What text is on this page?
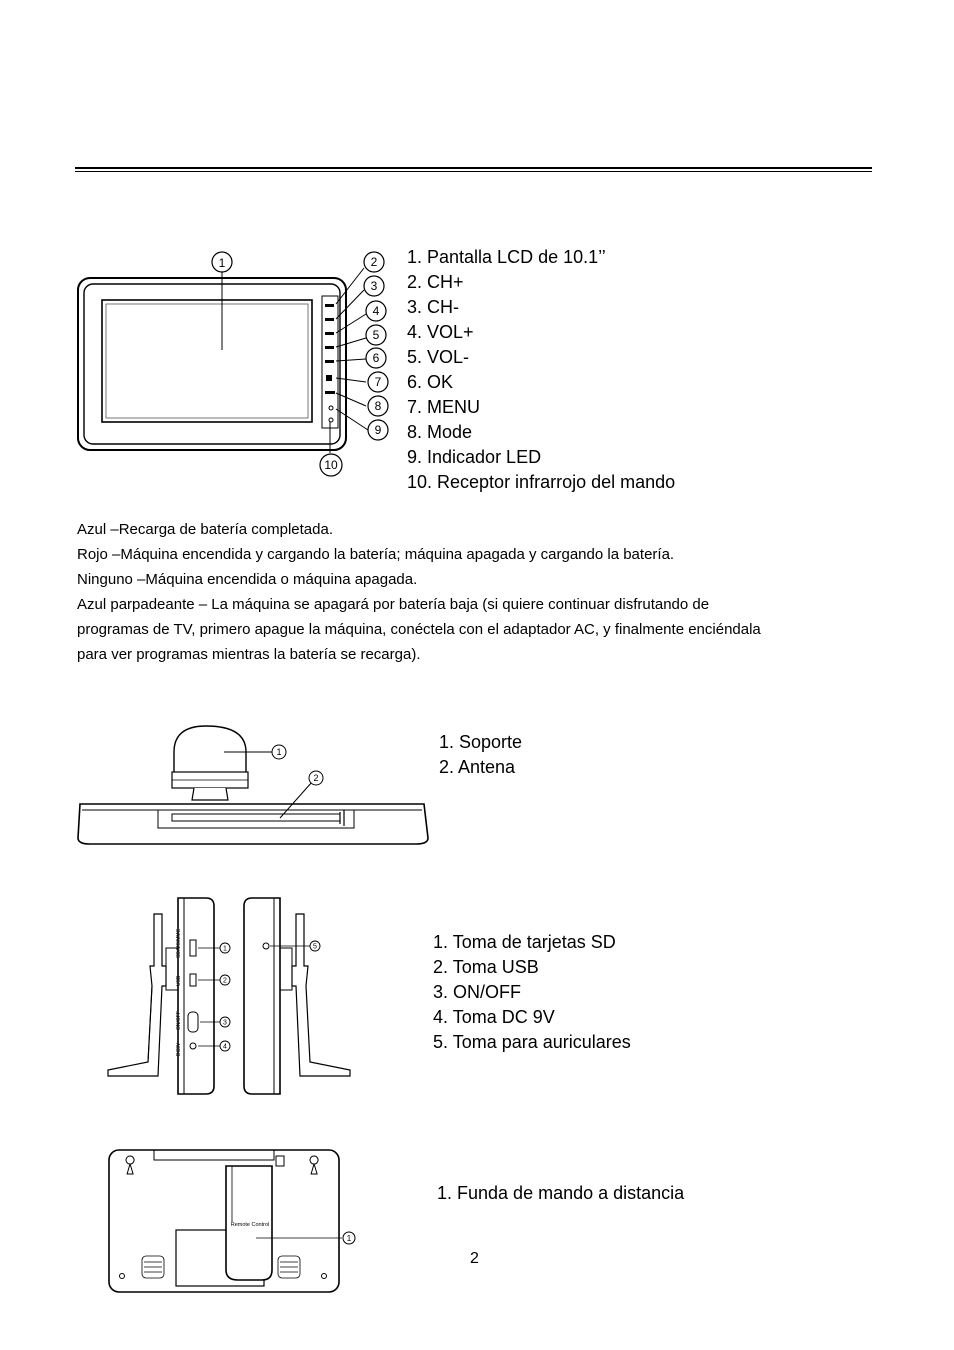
1	2
3
4
5
6
7
8
9
10
1. Pantalla LCD de 10.1’’
2. CH+
3. CH-
4. VOL+
5. VOL-
6. OK
7. MENU
8. Mode
9. Indicador LED
10. Receptor infrarrojo del mando

Azul –Recarga de batería completada.

Rojo –Máquina encendida y cargando la batería; máquina apagada y cargando la batería.

Ninguno –Máquina encendida o máquina apagada.

Azul parpadeante – La máquina se apagará por batería baja (si quiere continuar disfrutando de

programas de TV, primero apague la máquina, conéctela con el adaptador AC, y finalmente enciéndala

para ver programas mientras la batería se recarga).

1
2
1. Soporte
2. Antena
SD/MS/MMC
USB
ON/OFF
DC9V
1
2
3
4
5	1. Toma de tarjetas SD
2. Toma USB
3. ON/OFF
4. Toma DC 9V
5. Toma para auriculares
Remote Control
1
1. Funda de mando a distancia
2
